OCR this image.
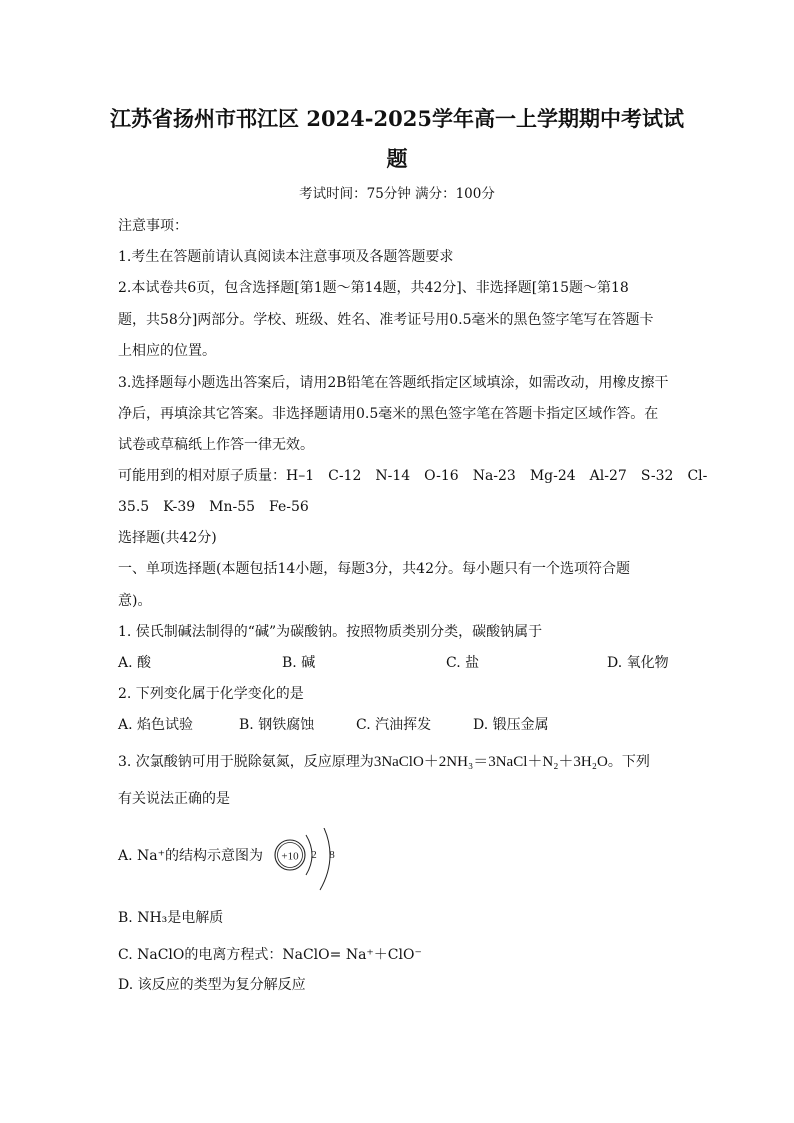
江苏省扬州市邗江区 2024-2025学年高一上学期期中考试试
题
考试时间：75分钟 满分：100分
注意事项：
1.考生在答题前请认真阅读本注意事项及各题答题要求
2.本试卷共6页，包含选择题[第1题～第14题，共42分]、非选择题[第15题～第18
题，共58分]两部分。学校、班级、姓名、准考证号用0.5毫米的黑色签字笔写在答题卡
上相应的位置。
3.选择题每小题选出答案后，请用2B铅笔在答题纸指定区域填涂，如需改动，用橡皮擦干
净后，再填涂其它答案。非选择题请用0.5毫米的黑色签字笔在答题卡指定区域作答。在
试卷或草稿纸上作答一律无效。
可能用到的相对原子质量：H–1　C-12　N-14　O-16　Na-23　Mg-24　Al-27　S-32　Cl-
35.5　K-39　Mn-55　Fe-56
选择题(共42分)
一、单项选择题(本题包括14小题，每题3分，共42分。每小题只有一个选项符合题
意)。
1. 侯氏制碱法制得的“碱”为碳酸钠。按照物质类别分类，碳酸钠属于
A. 酸	B. 碱	C. 盐	D. 氧化物
2. 下列变化属于化学变化的是
A. 焰色试验	B. 钢铁腐蚀	C. 汽油挥发	D. 锻压金属
3. 次氯酸钠可用于脱除氨氮，反应原理为3NaClO＋2NH₃＝3NaCl＋N₂＋3H₂O。下列
有关说法正确的是
A. Na⁺的结构示意图为 +10 2 8
B. NH₃是电解质
C. NaClO的电离方程式：NaClO= Na⁺＋ClO⁻
D. 该反应的类型为复分解反应
